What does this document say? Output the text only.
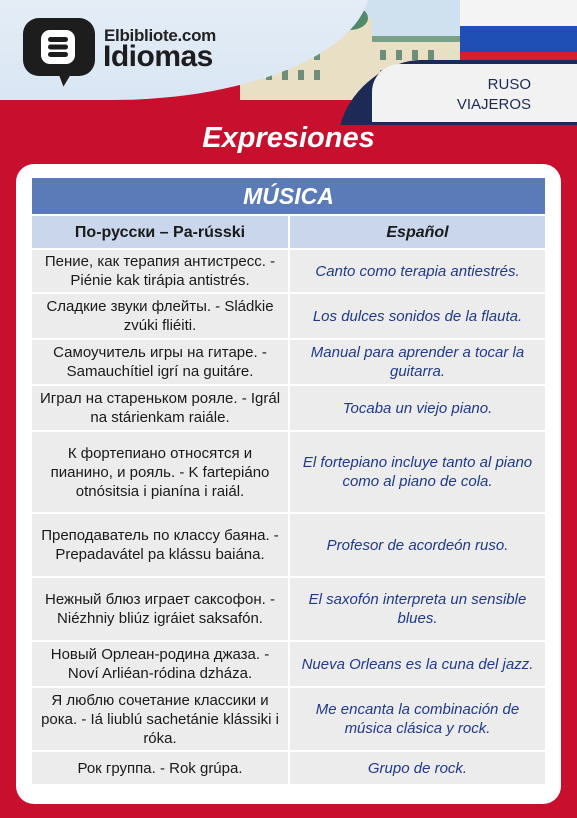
RUSO
VIAJEROS
Elbibliote.com
Idiomas
Expresiones
MÚSICA
По-русски – Pa-rússki	Español
Пение, как терапия антистресс. - Piénie kak tirápia antistrés.
Canto como terapia antiestrés.
Сладкие звуки флейты. - Sládkie zvúki fliéiti.
Los dulces sonidos de la flauta.
Самоучитель игры на гитаре. - Samauchítiel igrí na guitáre.
Manual para aprender a tocar la guitarra.
Играл на стареньком рояле. - Igrál na stárienkam raiále.
Tocaba un viejo piano.
К фортепиано относятся и пианино, и рояль. - K fartepiáno otnósitsia i pianína i raiál.
El fortepiano incluye tanto al piano como al piano de cola.
Преподаватель по классу баяна. - Prepadavátel pa klássu baiána.
Profesor de acordeón ruso.
Нежный блюз играет саксофон. - Niézhniy bliúz igráiet saksafón.
El saxofón interpreta un sensible blues.
Новый Орлеан-родина джаза. - Noví Arliéan-ródina dzháza.
Nueva Orleans es la cuna del jazz.
Я люблю сочетание классики и рока. - Iá liublú sachetánie klássiki i róka.
Me encanta la combinación de música clásica y rock.
Рок группа. - Rok grúpa.	Grupo de rock.
